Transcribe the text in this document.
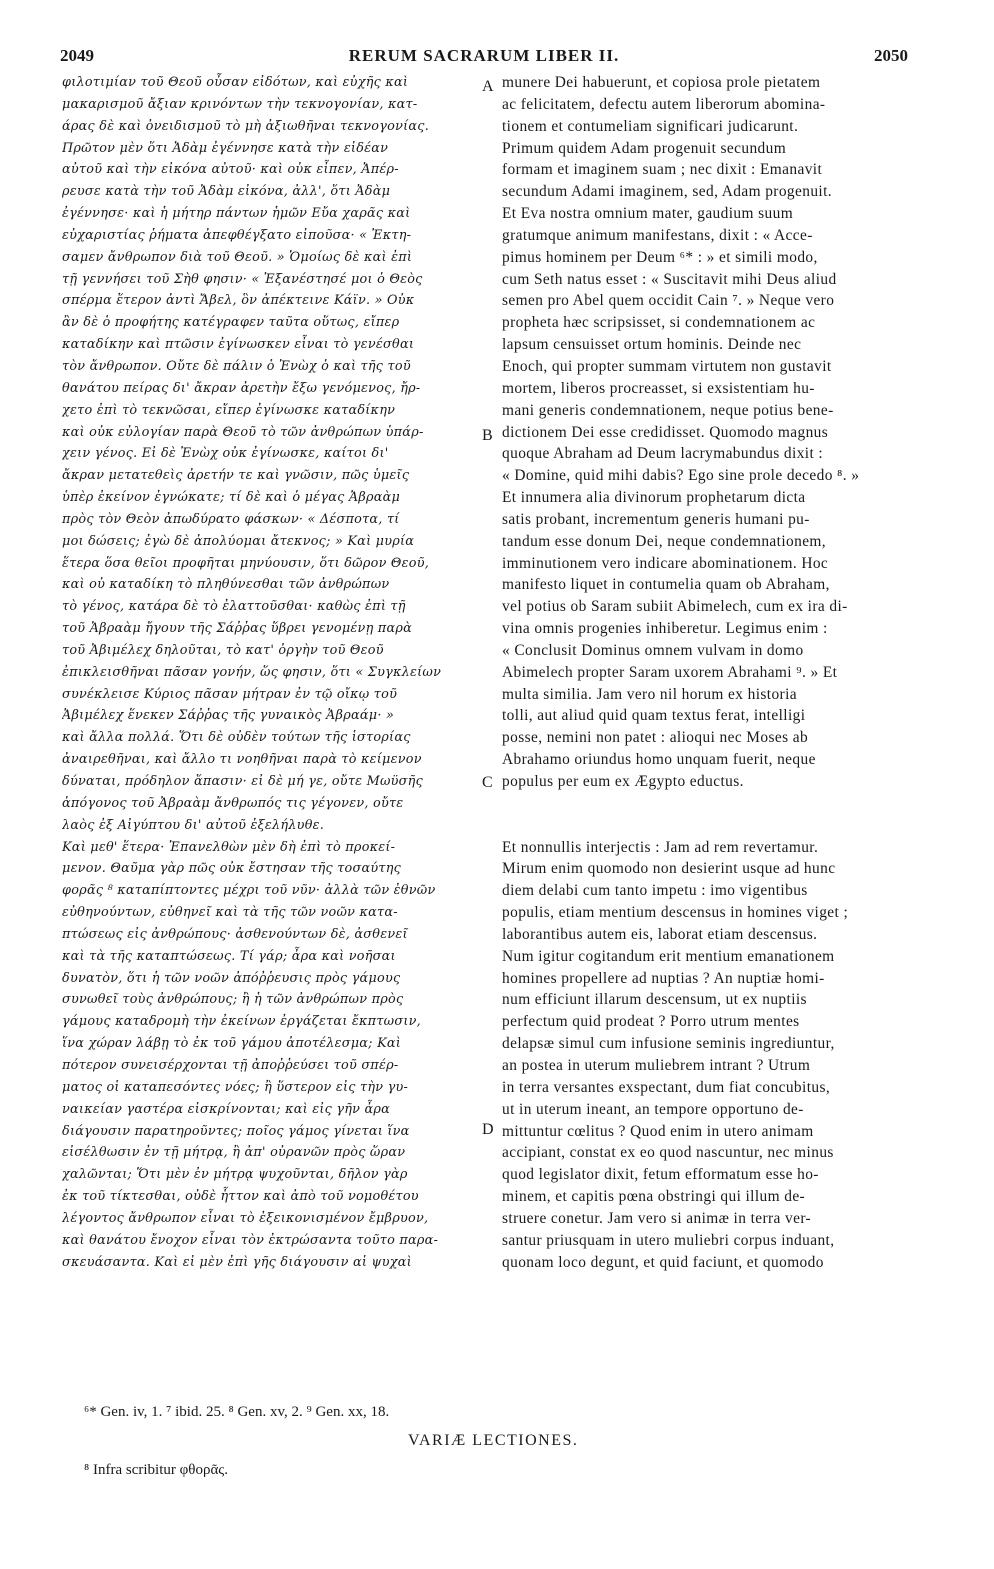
2049	RERUM SACRARUM LIBER II.	2050
φιλοτιμίαν τοῦ Θεοῦ οὖσαν εἰδότων, καὶ εὐχῆς καὶ
μακαρισμοῦ ἄξιαν κρινόντων τὴν τεκνογονίαν, κατ-
άρας δὲ καὶ ὀνειδισμοῦ τὸ μὴ ἀξιωθῆναι τεκνογονίας.
Πρῶτον μὲν ὅτι Ἀδὰμ ἐγέννησε κατὰ τὴν εἰδέαν
αὐτοῦ καὶ τὴν εἰκόνα αὐτοῦ· καὶ οὐκ εἶπεν, Ἀπέρ-
ρευσε κατὰ τὴν τοῦ Ἀδὰμ εἰκόνα, ἀλλ', ὅτι Ἀδὰμ
ἐγέννησε· καὶ ἡ μήτηρ πάντων ἡμῶν Εὔα χαρᾶς καὶ
εὐχαριστίας ῥήματα ἀπεφθέγξατο εἰποῦσα· « Ἐκτη-
σαμεν ἄνθρωπον διὰ τοῦ Θεοῦ. » Ὁμοίως δὲ καὶ ἐπὶ
τῇ γεννήσει τοῦ Σὴθ φησιν· « Ἐξανέστησέ μοι ὁ Θεὸς
σπέρμα ἕτερον ἀντὶ Ἄβελ, ὃν ἀπέκτεινε Κάϊν. » Οὐκ
ἂν δὲ ὁ προφήτης κατέγραφεν ταῦτα οὕτως, εἴπερ
καταδίκην καὶ πτῶσιν ἐγίνωσκεν εἶναι τὸ γενέσθαι
τὸν ἄνθρωπον. Οὔτε δὲ πάλιν ὁ Ἐνὼχ ὁ καὶ τῆς τοῦ
θανάτου πείρας δι' ἄκραν ἀρετὴν ἔξω γενόμενος, ἤρ-
χετο ἐπὶ τὸ τεκνῶσαι, εἴπερ ἐγίνωσκε καταδίκην
καὶ οὐκ εὐλογίαν παρὰ Θεοῦ τὸ τῶν ἀνθρώπων ὑπάρ-
χειν γένος. Εἰ δὲ Ἐνὼχ οὐκ ἐγίνωσκε, καίτοι δι'
ἄκραν μετατεθεὶς ἀρετήν τε καὶ γνῶσιν, πῶς ὑμεῖς
ὑπὲρ ἐκείνον ἐγνώκατε; τί δὲ καὶ ὁ μέγας Ἀβραὰμ
πρὸς τὸν Θεὸν ἀπωδύρατο φάσκων· « Δέσποτα, τί
μοι δώσεις; ἐγὼ δὲ ἀπολύομαι ἄτεκνος; » Καὶ μυρία
ἕτερα ὅσα θεῖοι προφῆται μηνύουσιν, ὅτι δῶρον Θεοῦ,
καὶ οὐ καταδίκη τὸ πληθύνεσθαι τῶν ἀνθρώπων
τὸ γένος, κατάρα δὲ τὸ ἐλαττοῦσθαι· καθὼς ἐπὶ τῇ
τοῦ Ἀβραὰμ ἤγουν τῆς Σάῤῥας ὕβρει γενομένῃ παρὰ
τοῦ Ἀβιμέλεχ δηλοῦται, τὸ κατ' ὀργὴν τοῦ Θεοῦ
ἐπικλεισθῆναι πᾶσαν γονήν, ὥς φησιν, ὅτι « Συγκλείων
συνέκλεισε Κύριος πᾶσαν μήτραν ἐν τῷ οἴκῳ τοῦ
Ἀβιμέλεχ ἕνεκεν Σάῤῥας τῆς γυναικὸς Ἀβραάμ· »
καὶ ἄλλα πολλά. Ὅτι δὲ οὐδὲν τούτων τῆς ἱστορίας
ἀναιρεθῆναι, καὶ ἄλλο τι νοηθῆναι παρὰ τὸ κείμενον
δύναται, πρόδηλον ἅπασιν· εἰ δὲ μή γε, οὔτε Μωϋσῆς
ἀπόγονος τοῦ Ἀβραὰμ ἄνθρωπός τις γέγονεν, οὔτε
λαὸς ἐξ Αἰγύπτου δι' αὐτοῦ ἐξελήλυθε.
Καὶ μεθ' ἕτερα· Ἐπανελθὼν μὲν δὴ ἐπὶ τὸ προκεί-
μενον. Θαῦμα γὰρ πῶς οὐκ ἔστησαν τῆς τοσαύτης
φορᾶς ⁸ καταπίπτοντες μέχρι τοῦ νῦν· ἀλλὰ τῶν ἐθνῶν
εὐθηνούντων, εὐθηνεῖ καὶ τὰ τῆς τῶν νοῶν κατα-
πτώσεως εἰς ἀνθρώπους· ἀσθενούντων δὲ, ἀσθενεῖ
καὶ τὰ τῆς καταπτώσεως. Τί γάρ; ἆρα καὶ νοῆσαι
δυνατὸν, ὅτι ἡ τῶν νοῶν ἀπόῤῥευσις πρὸς γάμους
συνωθεῖ τοὺς ἀνθρώπους; ἢ ἡ τῶν ἀνθρώπων πρὸς
γάμους καταδρομὴ τὴν ἐκείνων ἐργάζεται ἔκπτωσιν,
ἵνα χώραν λάβῃ τὸ ἐκ τοῦ γάμου ἀποτέλεσμα; Καὶ
πότερον συνεισέρχονται τῇ ἀποῤῥεύσει τοῦ σπέρ-
ματος οἱ καταπεσόντες νόες; ἢ ὕστερον εἰς τὴν γυ-
ναικείαν γαστέρα εἰσκρίνονται; καὶ εἰς γῆν ἆρα
διάγουσιν παρατηροῦντες; ποῖος γάμος γίνεται ἵνα
εἰσέλθωσιν ἐν τῇ μήτρᾳ, ἢ ἀπ' οὐρανῶν πρὸς ὥραν
χαλῶνται; Ὅτι μὲν ἐν μήτρᾳ ψυχοῦνται, δῆλον γὰρ
ἐκ τοῦ τίκτεσθαι, οὐδὲ ἧττον καὶ ἀπὸ τοῦ νομοθέτου
λέγοντος ἄνθρωπον εἶναι τὸ ἐξεικονισμένον ἔμβρυον,
καὶ θανάτου ἔνοχον εἶναι τὸν ἐκτρώσαντα τοῦτο παρα-
σκευάσαντα. Καὶ εἰ μὲν ἐπὶ γῆς διάγουσιν αἱ ψυχαὶ
munere Dei habuerunt, et copiosa prole pietatem
ac felicitatem, defectu autem liberorum abomina-
tionem et contumeliam significari judicarunt.
Primum quidem Adam progenuit secundum
formam et imaginem suam ; nec dixit : Emanavit
secundum Adami imaginem, sed, Adam progenuit.
Et Eva nostra omnium mater, gaudium suum
gratumque animum manifestans, dixit : « Acce-
pimus hominem per Deum ⁶* : » et simili modo,
cum Seth natus esset : « Suscitavit mihi Deus aliud
semen pro Abel quem occidit Cain ⁷. » Neque vero
propheta hæc scripsisset, si condemnationem ac
lapsum censuisset ortum hominis. Deinde nec
Enoch, qui propter summam virtutem non gustavit
mortem, liberos procreasset, si exsistentiam hu-
mani generis condemnationem, neque potius bene-
dictionem Dei esse credidisset. Quomodo magnus
quoque Abraham ad Deum lacrymabundus dixit :
« Domine, quid mihi dabis? Ego sine prole decedo ⁸. »
Et innumera alia divinorum prophetarum dicta
satis probant, incrementum generis humani pu-
tandum esse donum Dei, neque condemnationem,
imminutionem vero indicare abominationem. Hoc
manifesto liquet in contumelia quam ob Abraham,
vel potius ob Saram subiit Abimelech, cum ex ira di-
vina omnis progenies inhiberetur. Legimus enim :
« Conclusit Dominus omnem vulvam in domo
Abimelech propter Saram uxorem Abrahami ⁹. » Et
multa similia. Jam vero nil horum ex historia
tolli, aut aliud quid quam textus ferat, intelligi
posse, nemini non patet : alioqui nec Moses ab
Abrahamo oriundus homo unquam fuerit, neque
populus per eum ex Ægypto eductus.
Et nonnullis interjectis : Jam ad rem revertamur.
Mirum enim quomodo non desierint usque ad hunc
diem delabi cum tanto impetu : imo vigentibus
populis, etiam mentium descensus in homines viget ;
laborantibus autem eis, laborat etiam descensus.
Num igitur cogitandum erit mentium emanationem
homines propellere ad nuptias ? An nuptiæ homi-
num efficiunt illarum descensum, ut ex nuptiis
perfectum quid prodeat ? Porro utrum mentes
delapsæ simul cum infusione seminis ingrediuntur,
an postea in uterum muliebrem intrant ? Utrum
in terra versantes exspectant, dum fiat concubitus,
ut in uterum ineant, an tempore opportuno de-
mittuntur cœlitus ? Quod enim in utero animam
accipiant, constat ex eo quod nascuntur, nec minus
quod legislator dixit, fetum efformatum esse ho-
minem, et capitis pœna obstringi qui illum de-
struere conetur. Jam vero si animæ in terra ver-
santur priusquam in utero muliebri corpus induant,
quonam loco degunt, et quid faciunt, et quomodo
A
B
C
D
⁶* Gen. iv, 1. ⁷ ibid. 25. ⁸ Gen. xv, 2. ⁹ Gen. xx, 18.
VARIÆ LECTIONES.
⁸ Infra scribitur φθορᾶς.
